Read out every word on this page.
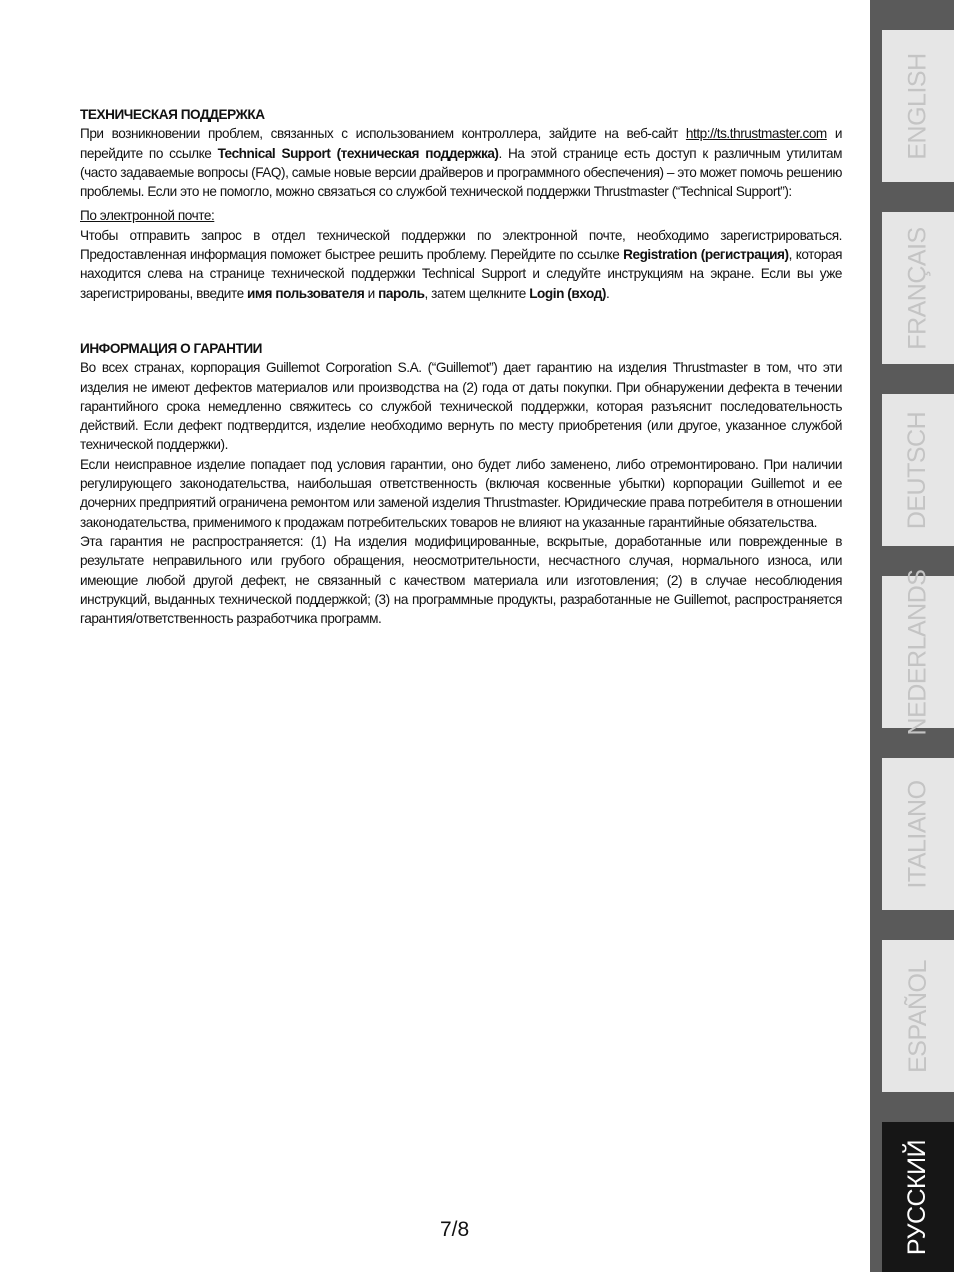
ТЕХНИЧЕСКАЯ ПОДДЕРЖКА

При возникновении проблем, связанных с использованием контроллера, зайдите на веб-сайт http://ts.thrustmaster.com и перейдите по ссылке Technical Support (техническая поддержка). На этой странице есть доступ к различным утилитам (часто задаваемые вопросы (FAQ), самые новые версии драйверов и программного обеспечения) – это может помочь решению проблемы. Если это не помогло, можно связаться со службой технической поддержки Thrustmaster (“Technical Support”):

По электронной почте:

Чтобы отправить запрос в отдел технической поддержки по электронной почте, необходимо зарегистрироваться. Предоставленная информация поможет быстрее решить проблему. Перейдите по ссылке Registration (регистрация), которая находится слева на странице технической поддержки Technical Support и следуйте инструкциям на экране. Если вы уже зарегистрированы, введите имя пользователя и пароль, затем щелкните Login (вход).

ИНФОРМАЦИЯ О ГАРАНТИИ

Во всех странах, корпорация Guillemot Corporation S.A. (“Guillemot”) дает гарантию на изделия Thrustmaster в том, что эти изделия не имеют дефектов материалов или производства на (2) года от даты покупки. При обнаружении дефекта в течении гарантийного срока немедленно свяжитесь со службой технической поддержки, которая разъяснит последовательность действий. Если дефект подтвердится, изделие необходимо вернуть по месту приобретения (или другое, указанное службой технической поддержки).

Если неисправное изделие попадает под условия гарантии, оно будет либо заменено, либо отремонтировано. При наличии регулирующего законодательства, наибольшая ответственность (включая косвенные убытки) корпорации Guillemot и ее дочерних предприятий ограничена ремонтом или заменой изделия Thrustmaster. Юридические права потребителя в отношении законодательства, применимого к продажам потребительских товаров не влияют на указанные гарантийные обязательства.

Эта гарантия не распространяется: (1) На изделия модифицированные, вскрытые, доработанные или поврежденные в результате неправильного или грубого обращения, неосмотрительности, несчастного случая, нормального износа, или имеющие любой другой дефект, не связанный с качеством материала или изготовления; (2) в случае несоблюдения инструкций, выданных технической поддержкой; (3) на программные продукты, разработанные не Guillemot, распространяется гарантия/ответственность разработчика программ.

7/8
ENGLISH
FRANÇAIS
DEUTSCH
NEDERLANDS
ITALIANO
ESPAÑOL
РУССКИЙ
